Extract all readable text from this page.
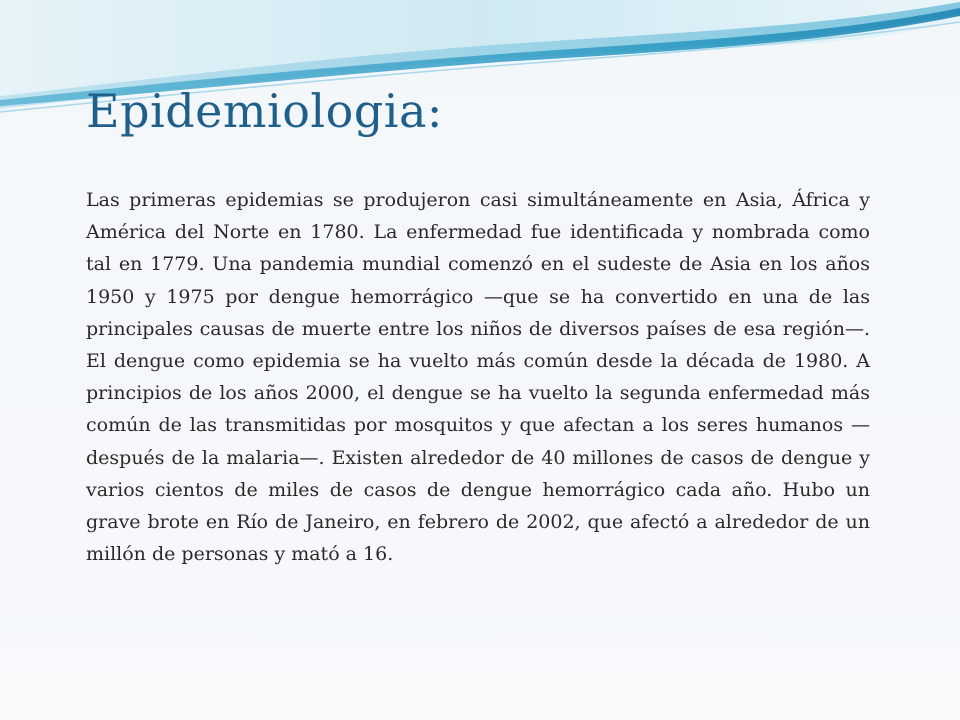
Epidemiologia:

Las primeras epidemias se produjeron casi simultáneamente en Asia, África y América del Norte en 1780. La enfermedad fue identificada y nombrada como tal en 1779. Una pandemia mundial comenzó en el sudeste de Asia en los años 1950 y 1975 por dengue hemorrágico —que se ha convertido en una de las principales causas de muerte entre los niños de diversos países de esa región—. El dengue como epidemia se ha vuelto más común desde la década de 1980. A principios de los años 2000, el dengue se ha vuelto la segunda enfermedad más común de las transmitidas por mosquitos y que afectan a los seres humanos —después de la malaria—. Existen alrededor de 40 millones de casos de dengue y varios cientos de miles de casos de dengue hemorrágico cada año. Hubo un grave brote en Río de Janeiro, en febrero de 2002, que afectó a alrededor de un millón de personas y mató a 16.
